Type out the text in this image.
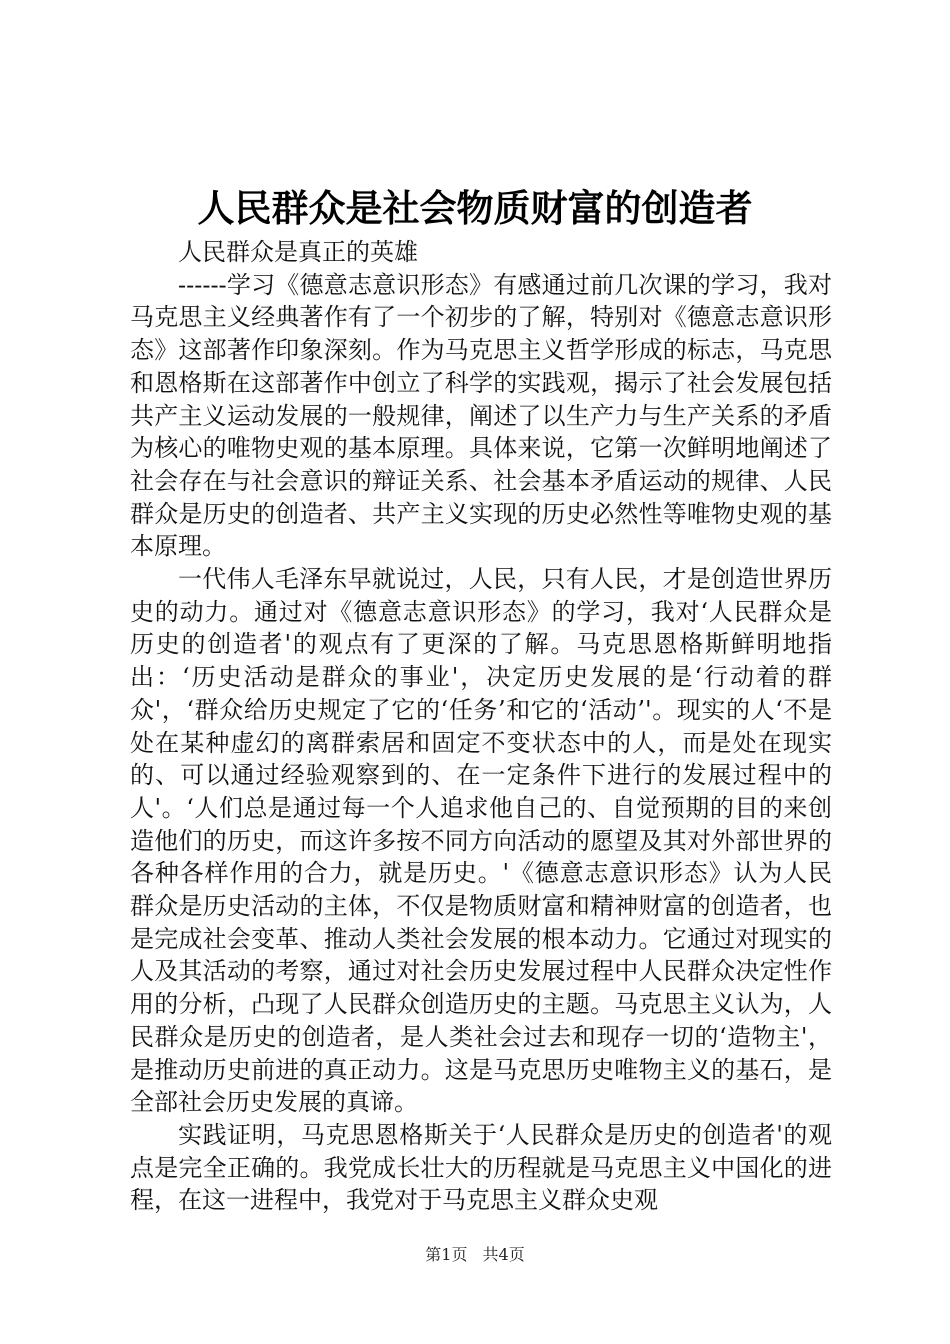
人民群众是社会物质财富的创造者

人民群众是真正的英雄

------学习《德意志意识形态》有感通过前几次课的学习，我对马克思主义经典著作有了一个初步的了解，特别对《德意志意识形态》这部著作印象深刻。作为马克思主义哲学形成的标志，马克思和恩格斯在这部著作中创立了科学的实践观，揭示了社会发展包括共产主义运动发展的一般规律，阐述了以生产力与生产关系的矛盾为核心的唯物史观的基本原理。具体来说，它第一次鲜明地阐述了社会存在与社会意识的辩证关系、社会基本矛盾运动的规律、人民群众是历史的创造者、共产主义实现的历史必然性等唯物史观的基本原理。

一代伟人毛泽东早就说过，人民，只有人民，才是创造世界历史的动力。通过对《德意志意识形态》的学习，我对‘人民群众是历史的创造者'的观点有了更深的了解。马克思恩格斯鲜明地指出：‘历史活动是群众的事业'，决定历史发展的是‘行动着的群众'，‘群众给历史规定了它的‘任务’和它的‘活动’'。现实的人‘不是处在某种虚幻的离群索居和固定不变状态中的人，而是处在现实的、可以通过经验观察到的、在一定条件下进行的发展过程中的人'。‘人们总是通过每一个人追求他自己的、自觉预期的目的来创造他们的历史，而这许多按不同方向活动的愿望及其对外部世界的各种各样作用的合力，就是历史。'《德意志意识形态》认为人民群众是历史活动的主体，不仅是物质财富和精神财富的创造者，也是完成社会变革、推动人类社会发展的根本动力。它通过对现实的人及其活动的考察，通过对社会历史发展过程中人民群众决定性作用的分析，凸现了人民群众创造历史的主题。马克思主义认为，人民群众是历史的创造者，是人类社会过去和现存一切的‘造物主'，是推动历史前进的真正动力。这是马克思历史唯物主义的基石，是全部社会历史发展的真谛。

实践证明，马克思恩格斯关于‘人民群众是历史的创造者'的观点是完全正确的。我党成长壮大的历程就是马克思主义中国化的进程，在这一进程中，我党对于马克思主义群众史观

第1页 共4页
